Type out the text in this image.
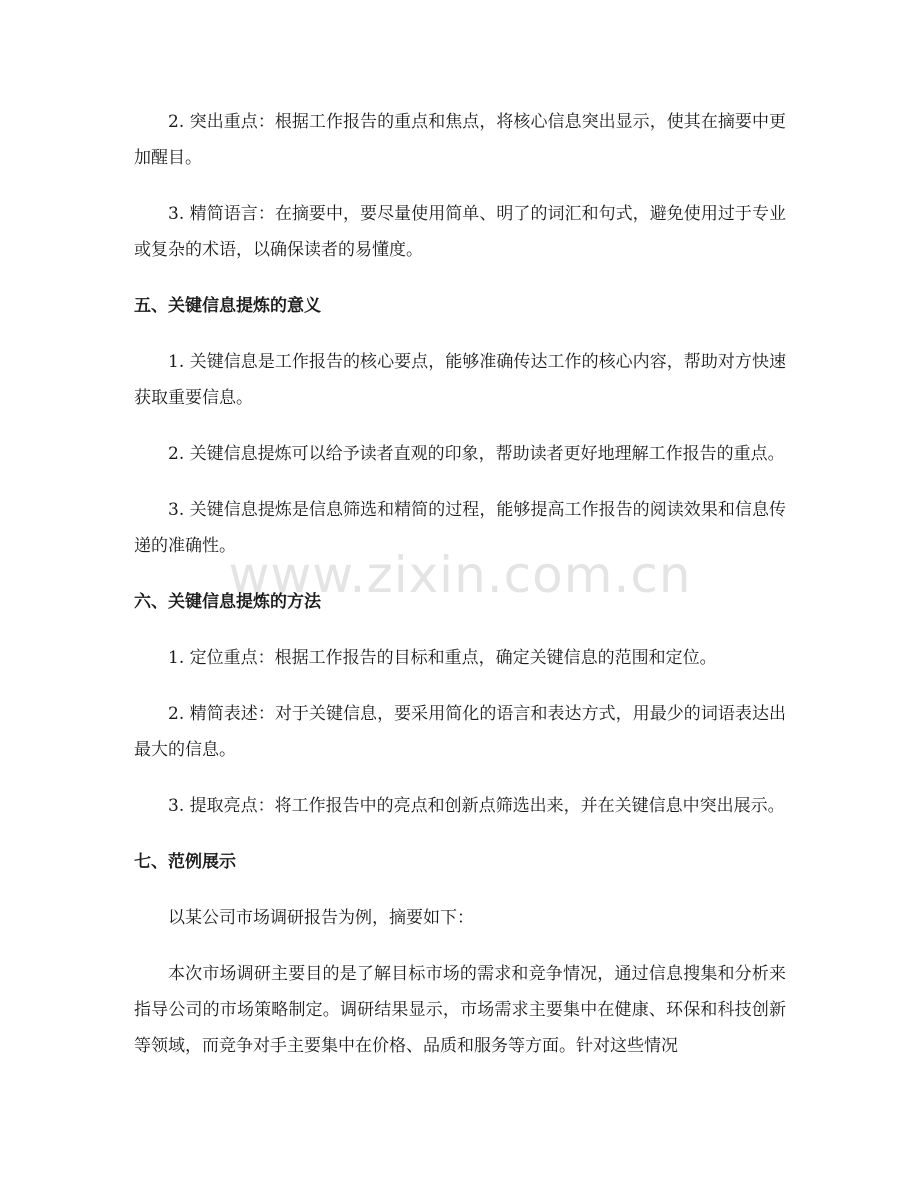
2. 突出重点：根据工作报告的重点和焦点，将核心信息突出显示，使其在摘要中更加醒目。

3. 精简语言：在摘要中，要尽量使用简单、明了的词汇和句式，避免使用过于专业或复杂的术语，以确保读者的易懂度。

五、关键信息提炼的意义

1. 关键信息是工作报告的核心要点，能够准确传达工作的核心内容，帮助对方快速获取重要信息。

2. 关键信息提炼可以给予读者直观的印象，帮助读者更好地理解工作报告的重点。

3. 关键信息提炼是信息筛选和精简的过程，能够提高工作报告的阅读效果和信息传递的准确性。

六、关键信息提炼的方法

1. 定位重点：根据工作报告的目标和重点，确定关键信息的范围和定位。

2. 精简表述：对于关键信息，要采用简化的语言和表达方式，用最少的词语表达出最大的信息。

3. 提取亮点：将工作报告中的亮点和创新点筛选出来，并在关键信息中突出展示。

七、范例展示

以某公司市场调研报告为例，摘要如下：

本次市场调研主要目的是了解目标市场的需求和竞争情况，通过信息搜集和分析来指导公司的市场策略制定。调研结果显示，市场需求主要集中在健康、环保和科技创新等领域，而竞争对手主要集中在价格、品质和服务等方面。针对这些情况

www.zixin.com.cn
